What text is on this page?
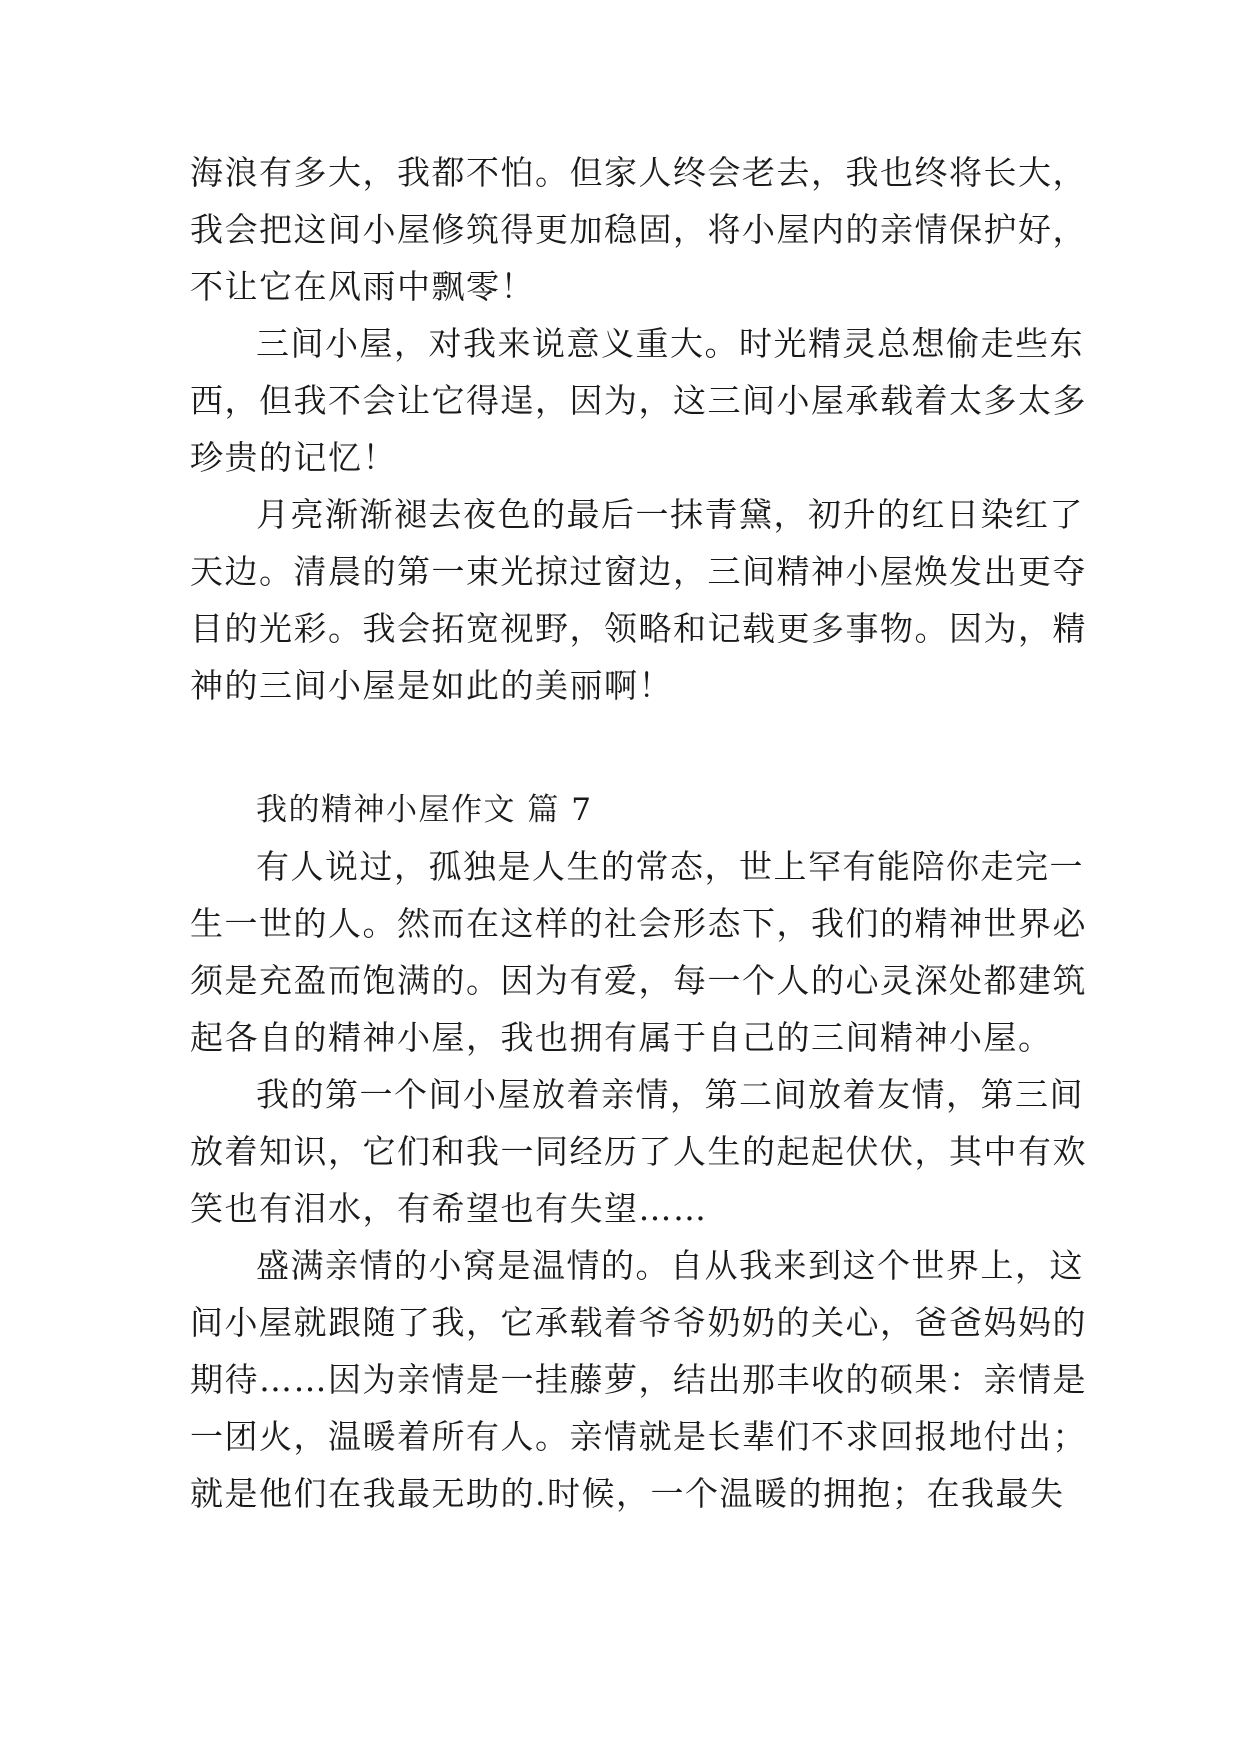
海浪有多大，我都不怕。但家人终会老去，我也终将长大，
我会把这间小屋修筑得更加稳固，将小屋内的亲情保护好，
不让它在风雨中飘零！
三间小屋，对我来说意义重大。时光精灵总想偷走些东
西，但我不会让它得逞，因为，这三间小屋承载着太多太多
珍贵的记忆！
月亮渐渐褪去夜色的最后一抹青黛，初升的红日染红了
天边。清晨的第一束光掠过窗边，三间精神小屋焕发出更夺
目的光彩。我会拓宽视野，领略和记载更多事物。因为，精
神的三间小屋是如此的美丽啊！
我的精神小屋作文 篇 7
有人说过，孤独是人生的常态，世上罕有能陪你走完一
生一世的人。然而在这样的社会形态下，我们的精神世界必
须是充盈而饱满的。因为有爱，每一个人的心灵深处都建筑
起各自的精神小屋，我也拥有属于自己的三间精神小屋。
我的第一个间小屋放着亲情，第二间放着友情，第三间
放着知识，它们和我一同经历了人生的起起伏伏，其中有欢
笑也有泪水，有希望也有失望……
盛满亲情的小窝是温情的。自从我来到这个世界上，这
间小屋就跟随了我，它承载着爷爷奶奶的关心，爸爸妈妈的
期待……因为亲情是一挂藤萝，结出那丰收的硕果：亲情是
一团火，温暖着所有人。亲情就是长辈们不求回报地付出；
就是他们在我最无助的.时候，一个温暖的拥抱；在我最失
